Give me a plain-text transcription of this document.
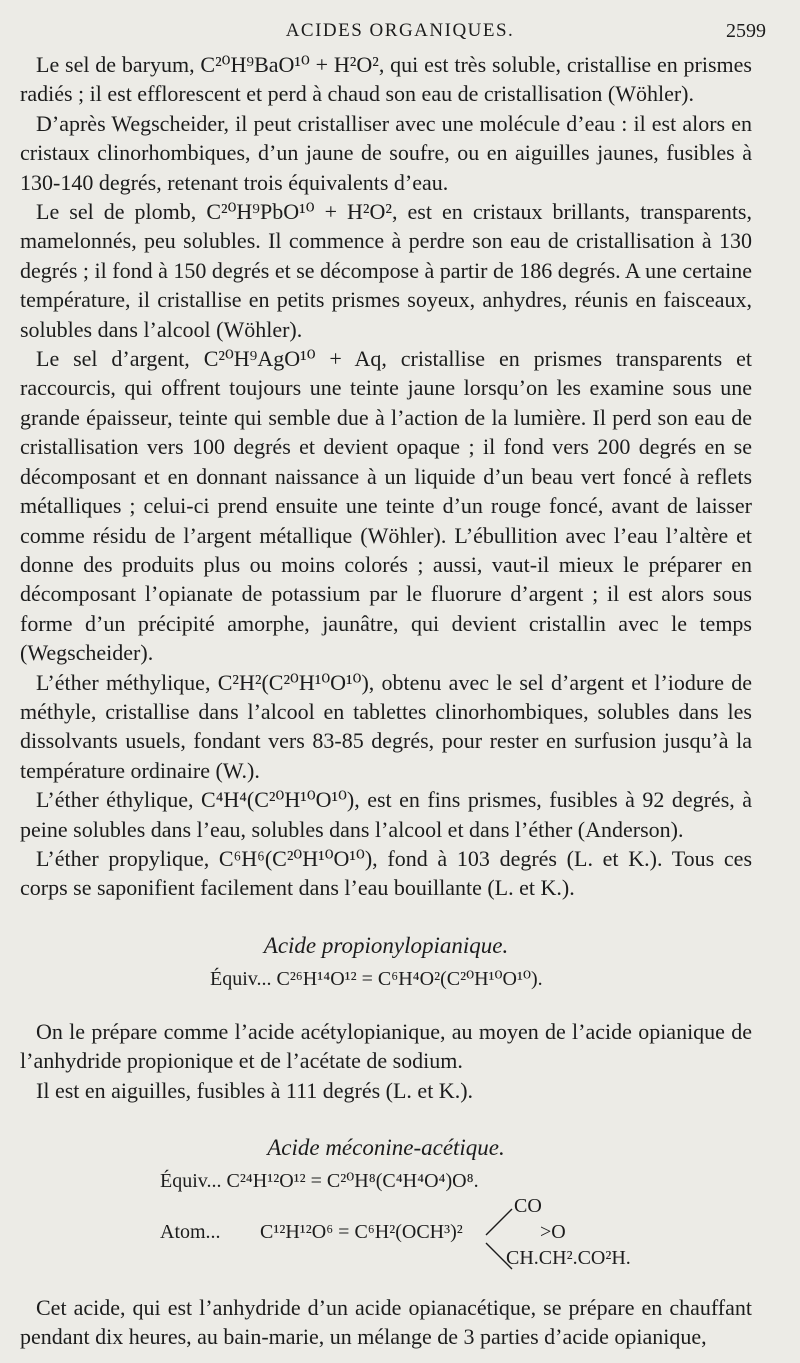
ACIDES ORGANIQUES.	2599

Le sel de baryum, C²⁰H⁹BaO¹⁰ + H²O², qui est très soluble, cristallise en prismes radiés ; il est efflorescent et perd à chaud son eau de cristallisation (Wöhler).

D’après Wegscheider, il peut cristalliser avec une molécule d’eau : il est alors en cristaux clinorhombiques, d’un jaune de soufre, ou en aiguilles jaunes, fusibles à 130-140 degrés, retenant trois équivalents d’eau.

Le sel de plomb, C²⁰H⁹PbO¹⁰ + H²O², est en cristaux brillants, transparents, mamelonnés, peu solubles. Il commence à perdre son eau de cristallisation à 130 degrés ; il fond à 150 degrés et se décompose à partir de 186 degrés. A une certaine température, il cristallise en petits prismes soyeux, anhydres, réunis en faisceaux, solubles dans l’alcool (Wöhler).

Le sel d’argent, C²⁰H⁹AgO¹⁰ + Aq, cristallise en prismes transparents et raccourcis, qui offrent toujours une teinte jaune lorsqu’on les examine sous une grande épaisseur, teinte qui semble due à l’action de la lumière. Il perd son eau de cristallisation vers 100 degrés et devient opaque ; il fond vers 200 degrés en se décomposant et en donnant naissance à un liquide d’un beau vert foncé à reflets métalliques ; celui-ci prend ensuite une teinte d’un rouge foncé, avant de laisser comme résidu de l’argent métallique (Wöhler). L’ébullition avec l’eau l’altère et donne des produits plus ou moins colorés ; aussi, vaut-il mieux le préparer en décomposant l’opianate de potassium par le fluorure d’argent ; il est alors sous forme d’un précipité amorphe, jaunâtre, qui devient cristallin avec le temps (Wegscheider).

L’éther méthylique, C²H²(C²⁰H¹⁰O¹⁰), obtenu avec le sel d’argent et l’iodure de méthyle, cristallise dans l’alcool en tablettes clinorhombiques, solubles dans les dissolvants usuels, fondant vers 83-85 degrés, pour rester en surfusion jusqu’à la température ordinaire (W.).

L’éther éthylique, C⁴H⁴(C²⁰H¹⁰O¹⁰), est en fins prismes, fusibles à 92 degrés, à peine solubles dans l’eau, solubles dans l’alcool et dans l’éther (Anderson).

L’éther propylique, C⁶H⁶(C²⁰H¹⁰O¹⁰), fond à 103 degrés (L. et K.). Tous ces corps se saponifient facilement dans l’eau bouillante (L. et K.).

Acide propionylopianique.

Équiv... C²⁶H¹⁴O¹² = C⁶H⁴O²(C²⁰H¹⁰O¹⁰).

On le prépare comme l’acide acétylopianique, au moyen de l’acide opianique de l’anhydride propionique et de l’acétate de sodium.

Il est en aiguilles, fusibles à 111 degrés (L. et K.).

Acide méconine-acétique.

Équiv... C²⁴H¹²O¹² = C²⁰H⁸(C⁴H⁴O⁴)O⁸.

Atom... C¹²H¹²O⁶ = C⁶H²(OCH³)²
CO
>O
CH.CH².CO²H.

Cet acide, qui est l’anhydride d’un acide opianacétique, se prépare en chauffant pendant dix heures, au bain-marie, un mélange de 3 parties d’acide opianique,
